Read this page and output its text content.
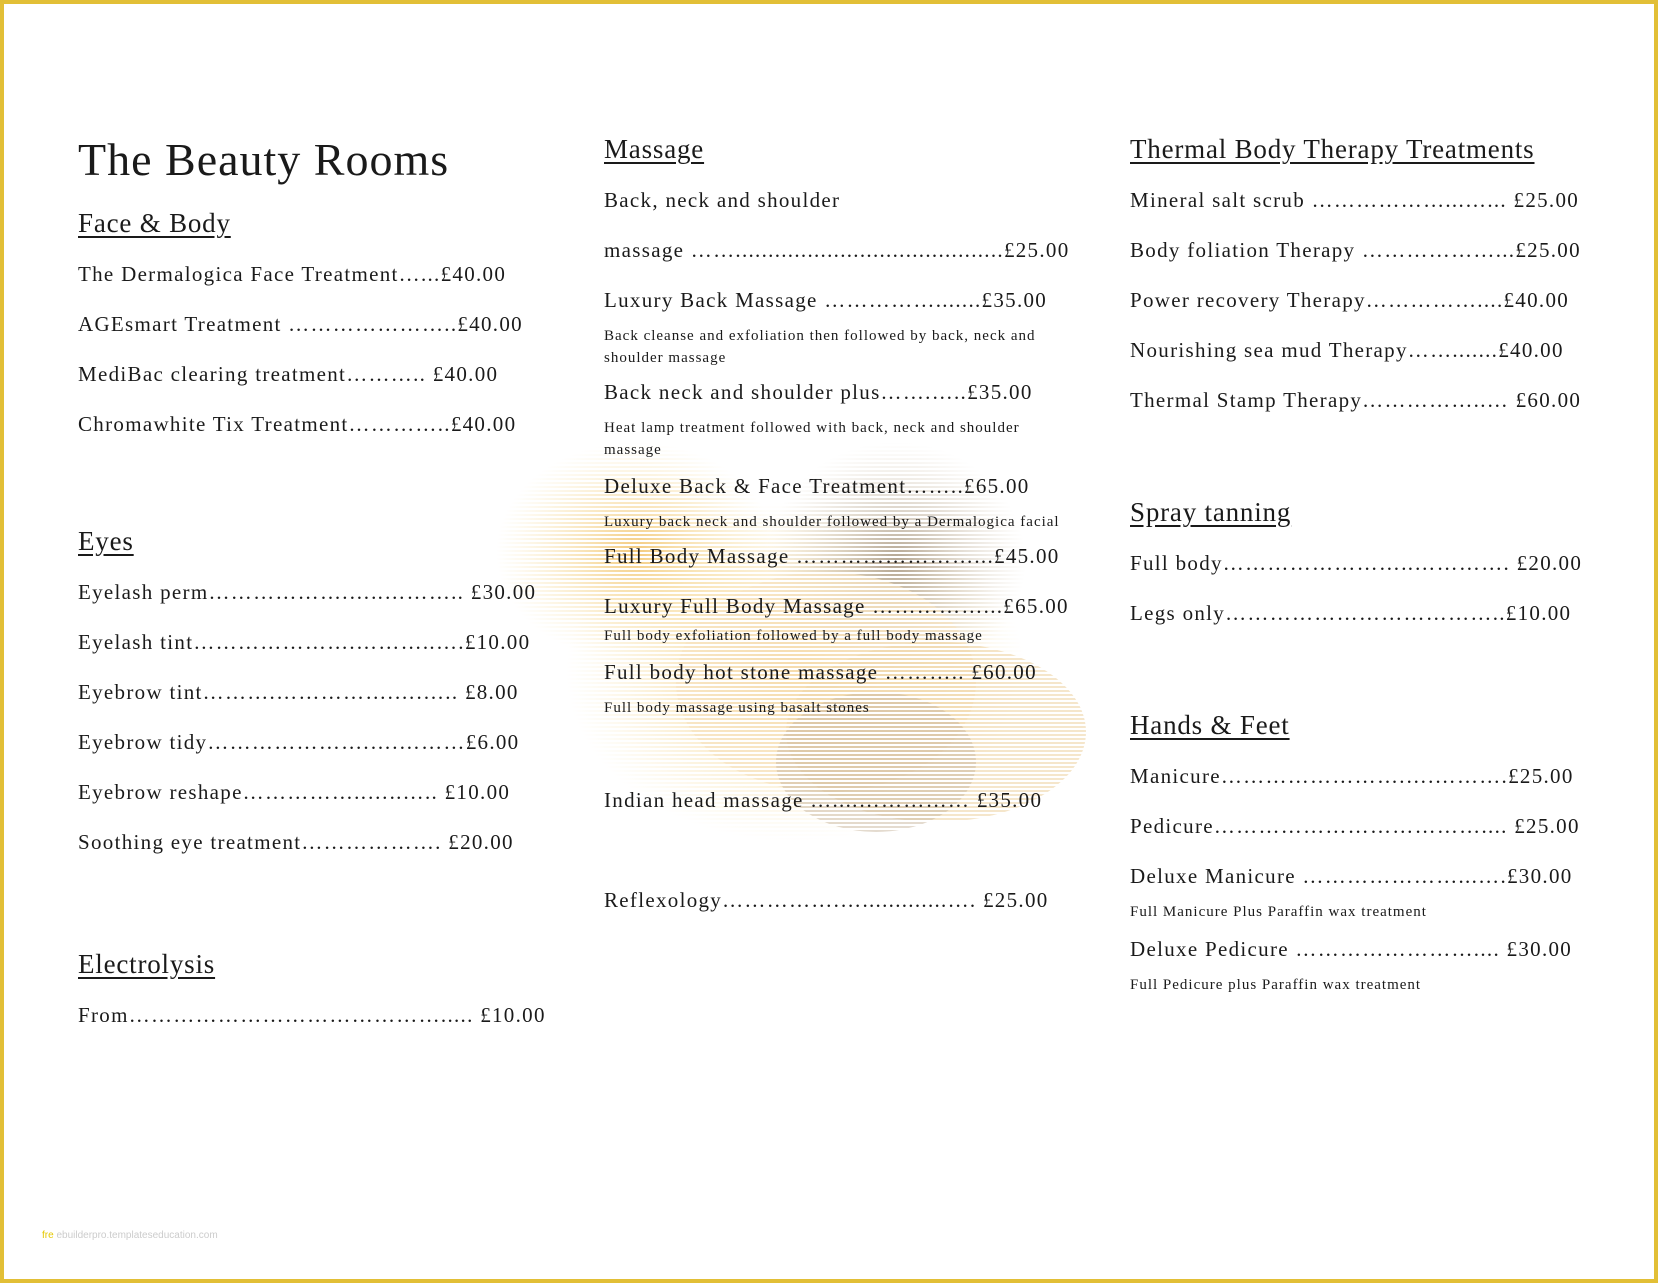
The Beauty Rooms
Face & Body
The Dermalogica Face Treatment…...£40.00
AGEsmart Treatment …………………..£40.00
MediBac clearing treatment……….. £40.00
Chromawhite Tix Treatment…………..£40.00
Eyes
Eyelash perm……………….…..……….. £30.00
Eyelash tint………………….………..….£10.00
Eyebrow tint……….…………….….….. £8.00
Eyebrow tidy………………….….………£6.00
Eyebrow reshape……………..…..….. £10.00
Soothing eye treatment………………. £20.00
Electrolysis
From……………………………………..... £10.00
Massage
Back, neck and shoulder
massage …….........................................£25.00
Luxury Back Massage …………….......£35.00
Back cleanse and exfoliation then followed by back, neck and shoulder massage
Back neck and shoulder plus…….…..£35.00
Heat lamp treatment followed with back, neck and shoulder massage
Deluxe Back & Face Treatment……..£65.00
Luxury back neck and shoulder followed by a Dermalogica facial
Full Body Massage ……………………...£45.00
Luxury Full Body Massage ……………...£65.00
Full body exfoliation followed by a full body massage
Full body hot stone massage ……….. £60.00
Full body massage using basalt stones
Indian head massage …....…………… £35.00
Reflexology…………….….............…. £25.00
Thermal Body Therapy Treatments
Mineral salt scrub ………………...…... £25.00
Body foliation Therapy ………………...£25.00
Power recovery Therapy……………....£40.00
Nourishing sea mud Therapy…….......£40.00
Thermal Stamp Therapy……………..… £60.00
Spray tanning
Full body……………………..…………. £20.00
Legs only………………………………..£10.00
Hands & Feet
Manicure…………………….….……….£25.00
Pedicure……………………………….... £25.00
Deluxe Manicure …………………...….£30.00
Full Manicure Plus Paraffin wax treatment
Deluxe Pedicure …………………….... £30.00
Full Pedicure plus Paraffin wax treatment
fre ebuilderpro.templateseducation.com
